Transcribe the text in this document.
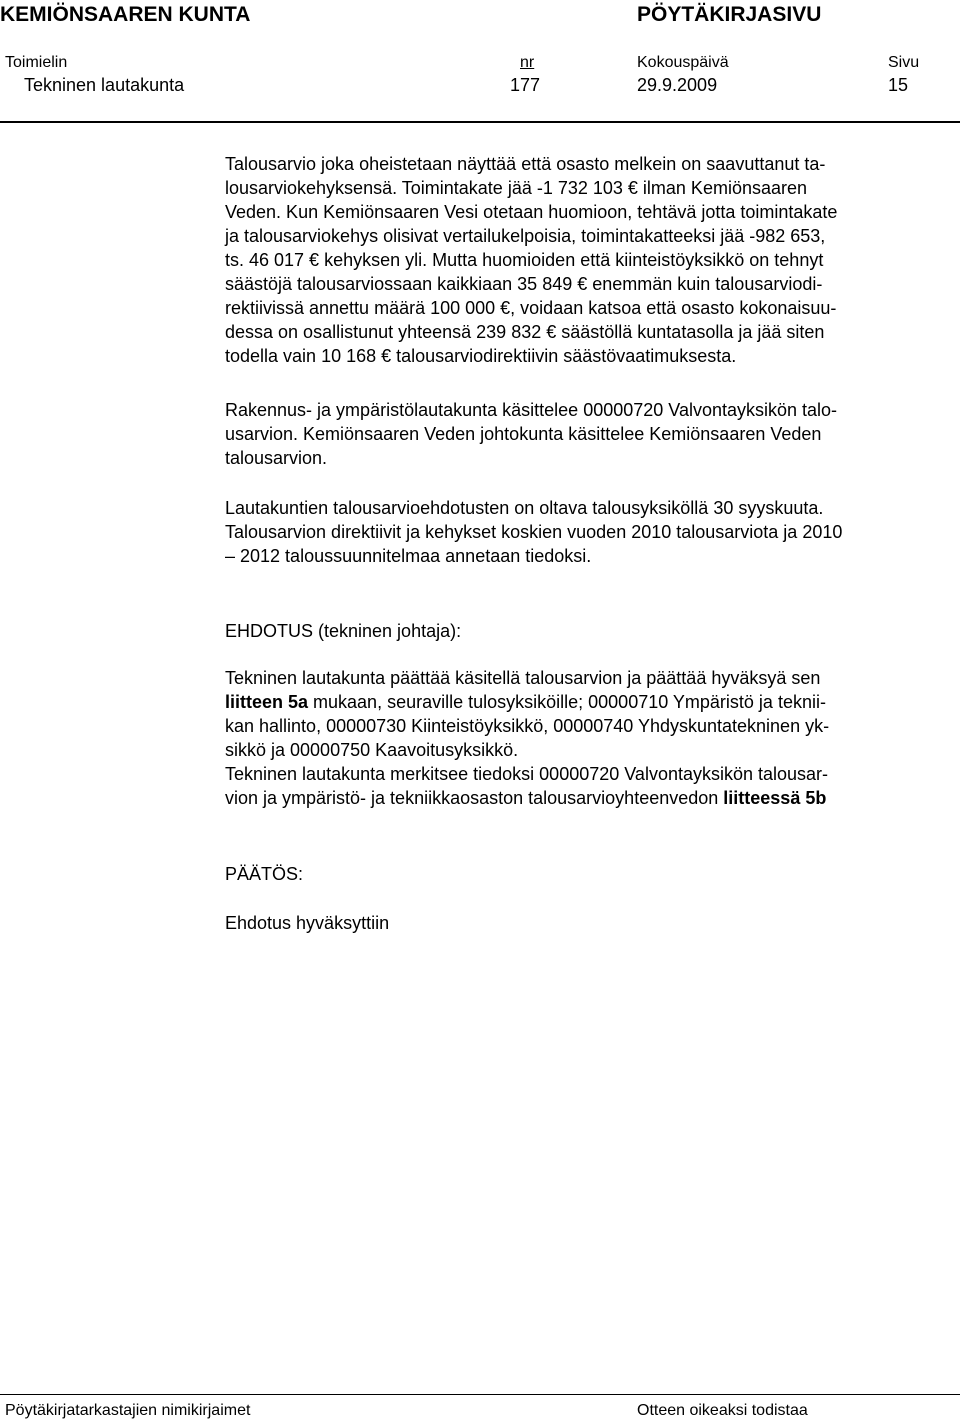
KEMIÖNSAAREN KUNTA	PÖYTÄKIRJASIVU
Toimielin	nr	Kokouspäivä	Sivu
Tekninen lautakunta	177	29.9.2009	15

Talousarvio joka oheistetaan näyttää että osasto melkein on saavuttanut ta-

lousarviokehyksensä. Toimintakate jää -1 732 103 € ilman Kemiönsaaren

Veden. Kun Kemiönsaaren Vesi otetaan huomioon, tehtävä jotta toimintakate

ja talousarviokehys olisivat vertailukelpoisia, toimintakatteeksi jää -982 653,

ts. 46 017 € kehyksen yli. Mutta huomioiden että kiinteistöyksikkö on tehnyt

säästöjä talousarviossaan kaikkiaan 35 849 € enemmän kuin talousarviodi-

rektiivissä annettu määrä 100 000 €, voidaan katsoa että osasto kokonaisuu-

dessa on osallistunut yhteensä 239 832 € säästöllä kuntatasolla ja jää siten

todella vain 10 168 € talousarviodirektiivin säästövaatimuksesta.

Rakennus- ja ympäristölautakunta käsittelee 00000720 Valvontayksikön talo-

usarvion. Kemiönsaaren Veden johtokunta käsittelee Kemiönsaaren Veden

talousarvion.

Lautakuntien talousarvioehdotusten on oltava talousyksiköllä 30 syyskuuta.

Talousarvion direktiivit ja kehykset koskien vuoden 2010 talousarviota ja 2010

– 2012 taloussuunnitelmaa annetaan tiedoksi.

EHDOTUS (tekninen johtaja):

Tekninen lautakunta päättää käsitellä talousarvion ja päättää hyväksyä sen

liitteen 5a mukaan, seuraville tulosyksiköille; 00000710 Ympäristö ja teknii-

kan hallinto, 00000730 Kiinteistöyksikkö, 00000740 Yhdyskuntatekninen yk-

sikkö ja 00000750 Kaavoitusyksikkö.

Tekninen lautakunta merkitsee tiedoksi 00000720 Valvontayksikön talousar-

vion ja ympäristö- ja tekniikkaosaston talousarvioyhteenvedon liitteessä 5b

PÄÄTÖS:

Ehdotus hyväksyttiin

Pöytäkirjatarkastajien nimikirjaimet	Otteen oikeaksi todistaa
